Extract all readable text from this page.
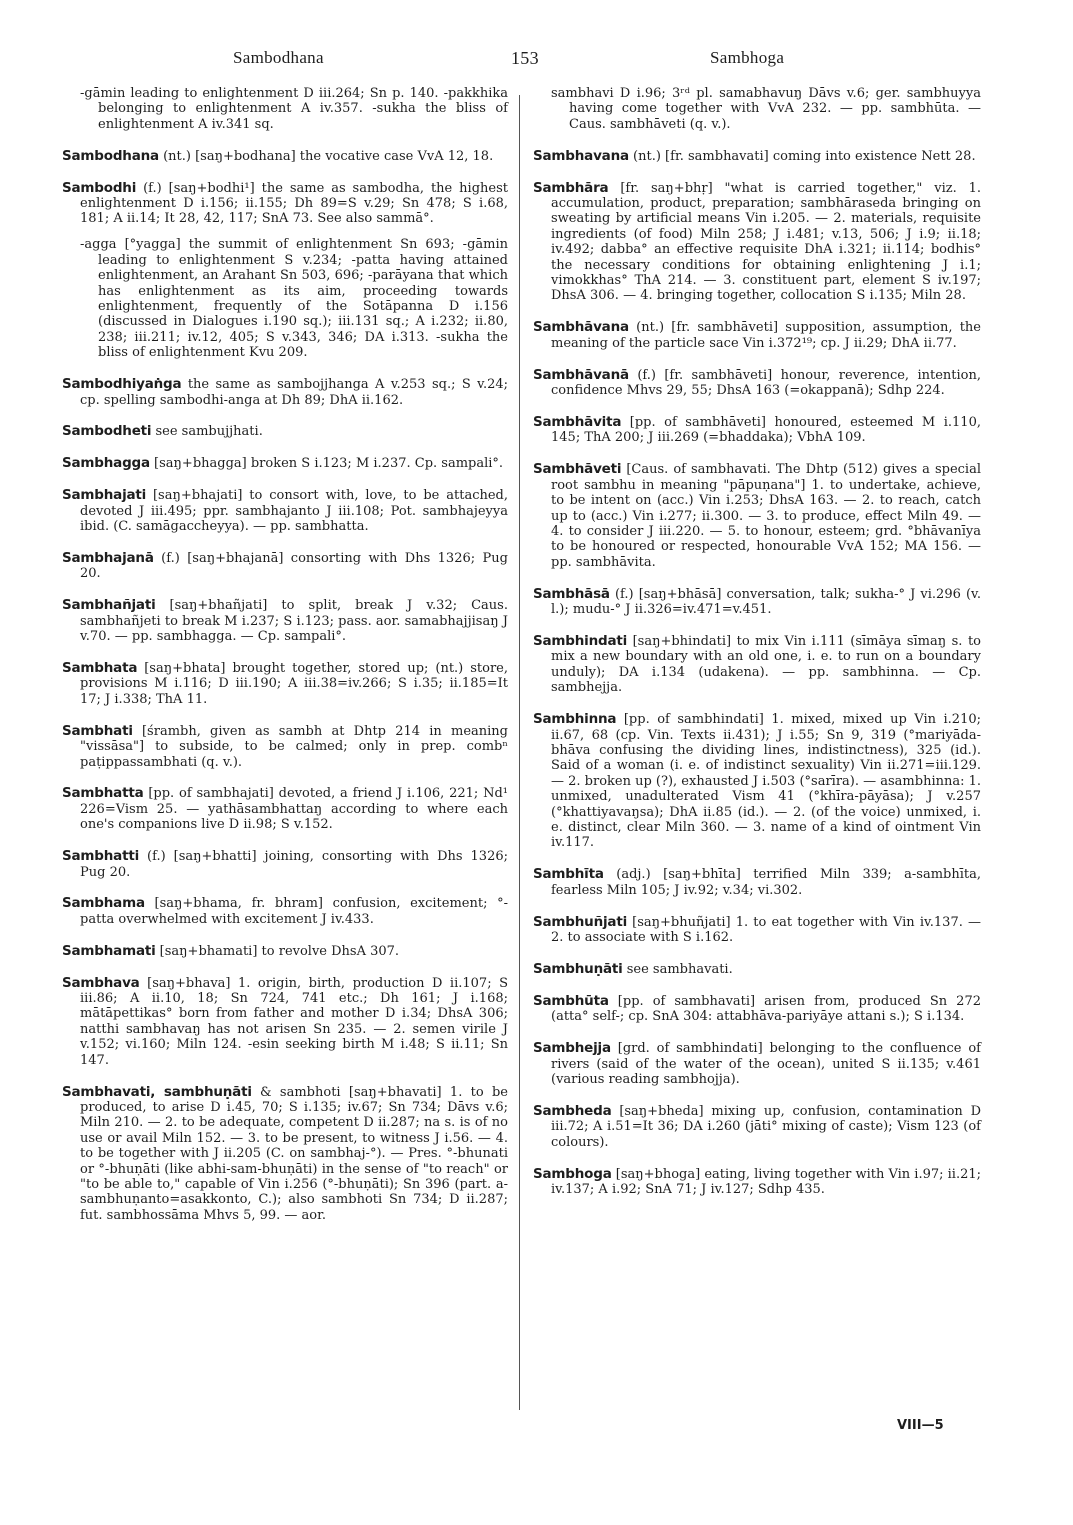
Sambodhana	153	Sambhoga

-gāmin leading to enlightenment D iii.264; Sn p. 140. -pakkhika belonging to enlightenment A iv.357. -sukha the bliss of enlightenment A iv.341 sq.

Sambodhana (nt.) [saŋ+bodhana] the vocative case VvA 12, 18.

Sambodhi (f.) [saŋ+bodhi¹] the same as sambodha, the highest enlightenment D i.156; ii.155; Dh 89=S v.29; Sn 478; S i.68, 181; A ii.14; It 28, 42, 117; SnA 73. See also sammā°.

-agga [°yagga] the summit of enlightenment Sn 693; -gāmin leading to enlightenment S v.234; -patta having attained enlightenment, an Arahant Sn 503, 696; -parāyana that which has enlightenment as its aim, proceeding towards enlightenment, frequently of the Sotāpanna D i.156 (discussed in Dialogues i.190 sq.); iii.131 sq.; A i.232; ii.80, 238; iii.211; iv.12, 405; S v.343, 346; DA i.313. -sukha the bliss of enlightenment Kvu 209.

Sambodhiyaṅga the same as sambojjhanga A v.253 sq.; S v.24; cp. spelling sambodhi-anga at Dh 89; DhA ii.162.

Sambodheti see sambujjhati.

Sambhagga [saŋ+bhagga] broken S i.123; M i.237. Cp. sampali°.

Sambhajati [saŋ+bhajati] to consort with, love, to be attached, devoted J iii.495; ppr. sambhajanto J iii.108; Pot. sambhajeyya ibid. (C. samāgaccheyya). — pp. sambhatta.

Sambhajanā (f.) [saŋ+bhajanā] consorting with Dhs 1326; Pug 20.

Sambhañjati [saŋ+bhañjati] to split, break J v.32; Caus. sambhañjeti to break M i.237; S i.123; pass. aor. samabhajjisaŋ J v.70. — pp. sambhagga. — Cp. sampali°.

Sambhata [saŋ+bhata] brought together, stored up; (nt.) store, provisions M i.116; D iii.190; A iii.38=iv.266; S i.35; ii.185=It 17; J i.338; ThA 11.

Sambhati [śrambh, given as sambh at Dhtp 214 in meaning "vissāsa"] to subside, to be calmed; only in prep. combⁿ paṭippassambhati (q. v.).

Sambhatta [pp. of sambhajati] devoted, a friend J i.106, 221; Nd¹ 226=Vism 25. — yathāsambhattaŋ according to where each one's companions live D ii.98; S v.152.

Sambhatti (f.) [saŋ+bhatti] joining, consorting with Dhs 1326; Pug 20.

Sambhama [saŋ+bhama, fr. bhram] confusion, excitement; °-patta overwhelmed with excitement J iv.433.

Sambhamati [saŋ+bhamati] to revolve DhsA 307.

Sambhava [saŋ+bhava] 1. origin, birth, production D ii.107; S iii.86; A ii.10, 18; Sn 724, 741 etc.; Dh 161; J i.168; mātāpettikas° born from father and mother D i.34; DhsA 306; natthi sambhavaŋ has not arisen Sn 235. — 2. semen virile J v.152; vi.160; Miln 124. -esin seeking birth M i.48; S ii.11; Sn 147.

Sambhavati, sambhuṇāti & sambhoti [saŋ+bhavati] 1. to be produced, to arise D i.45, 70; S i.135; iv.67; Sn 734; Dāvs v.6; Miln 210. — 2. to be adequate, competent D ii.287; na s. is of no use or avail Miln 152. — 3. to be present, to witness J i.56. — 4. to be together with J ii.205 (C. on sambhaj-°). — Pres. °-bhunati or °-bhuṇāti (like abhi-sam-bhuṇāti) in the sense of "to reach" or "to be able to," capable of Vin i.256 (°-bhuṇāti); Sn 396 (part. a-sambhuṇanto=asakkonto, C.); also sambhoti Sn 734; D ii.287; fut. sambhossāma Mhvs 5, 99. — aor.

sambhavi D i.96; 3ʳᵈ pl. samabhavuŋ Dāvs v.6; ger. sambhuyya having come together with VvA 232. — pp. sambhūta. — Caus. sambhāveti (q. v.).

Sambhavana (nt.) [fr. sambhavati] coming into existence Nett 28.

Sambhāra [fr. saŋ+bhṛ] "what is carried together," viz. 1. accumulation, product, preparation; sambhāraseda bringing on sweating by artificial means Vin i.205. — 2. materials, requisite ingredients (of food) Miln 258; J i.481; v.13, 506; J i.9; ii.18; iv.492; dabba° an effective requisite DhA i.321; ii.114; bodhis° the necessary conditions for obtaining enlightening J i.1; vimokkhas° ThA 214. — 3. constituent part, element S iv.197; DhsA 306. — 4. bringing together, collocation S i.135; Miln 28.

Sambhāvana (nt.) [fr. sambhāveti] supposition, assumption, the meaning of the particle sace Vin i.372¹⁹; cp. J ii.29; DhA ii.77.

Sambhāvanā (f.) [fr. sambhāveti] honour, reverence, intention, confidence Mhvs 29, 55; DhsA 163 (=okappanā); Sdhp 224.

Sambhāvita [pp. of sambhāveti] honoured, esteemed M i.110, 145; ThA 200; J iii.269 (=bhaddaka); VbhA 109.

Sambhāveti [Caus. of sambhavati. The Dhtp (512) gives a special root sambhu in meaning "pāpuṇana"] 1. to undertake, achieve, to be intent on (acc.) Vin i.253; DhsA 163. — 2. to reach, catch up to (acc.) Vin i.277; ii.300. — 3. to produce, effect Miln 49. — 4. to consider J iii.220. — 5. to honour, esteem; grd. °bhāvanīya to be honoured or respected, honourable VvA 152; MA 156. — pp. sambhāvita.

Sambhāsā (f.) [saŋ+bhāsā] conversation, talk; sukha-° J vi.296 (v. l.); mudu-° J ii.326=iv.471=v.451.

Sambhindati [saŋ+bhindati] to mix Vin i.111 (sīmāya sīmaŋ s. to mix a new boundary with an old one, i. e. to run on a boundary unduly); DA i.134 (udakena). — pp. sambhinna. — Cp. sambhejja.

Sambhinna [pp. of sambhindati] 1. mixed, mixed up Vin i.210; ii.67, 68 (cp. Vin. Texts ii.431); J i.55; Sn 9, 319 (°mariyāda-bhāva confusing the dividing lines, indistinctness), 325 (id.). Said of a woman (i. e. of indistinct sexuality) Vin ii.271=iii.129. — 2. broken up (?), exhausted J i.503 (°sarīra). — asambhinna: 1. unmixed, unadulterated Vism 41 (°khīra-pāyāsa); J v.257 (°khattiyavaŋsa); DhA ii.85 (id.). — 2. (of the voice) unmixed, i. e. distinct, clear Miln 360. — 3. name of a kind of ointment Vin iv.117.

Sambhīta (adj.) [saŋ+bhīta] terrified Miln 339; a-sambhīta, fearless Miln 105; J iv.92; v.34; vi.302.

Sambhuñjati [saŋ+bhuñjati] 1. to eat together with Vin iv.137. — 2. to associate with S i.162.

Sambhuṇāti see sambhavati.

Sambhūta [pp. of sambhavati] arisen from, produced Sn 272 (atta° self-; cp. SnA 304: attabhāva-pariyāye attani s.); S i.134.

Sambhejja [grd. of sambhindati] belonging to the confluence of rivers (said of the water of the ocean), united S ii.135; v.461 (various reading sambhojja).

Sambheda [saŋ+bheda] mixing up, confusion, contamination D iii.72; A i.51=It 36; DA i.260 (jāti° mixing of caste); Vism 123 (of colours).

Sambhoga [saŋ+bhoga] eating, living together with Vin i.97; ii.21; iv.137; A i.92; SnA 71; J iv.127; Sdhp 435.

VIII—5
